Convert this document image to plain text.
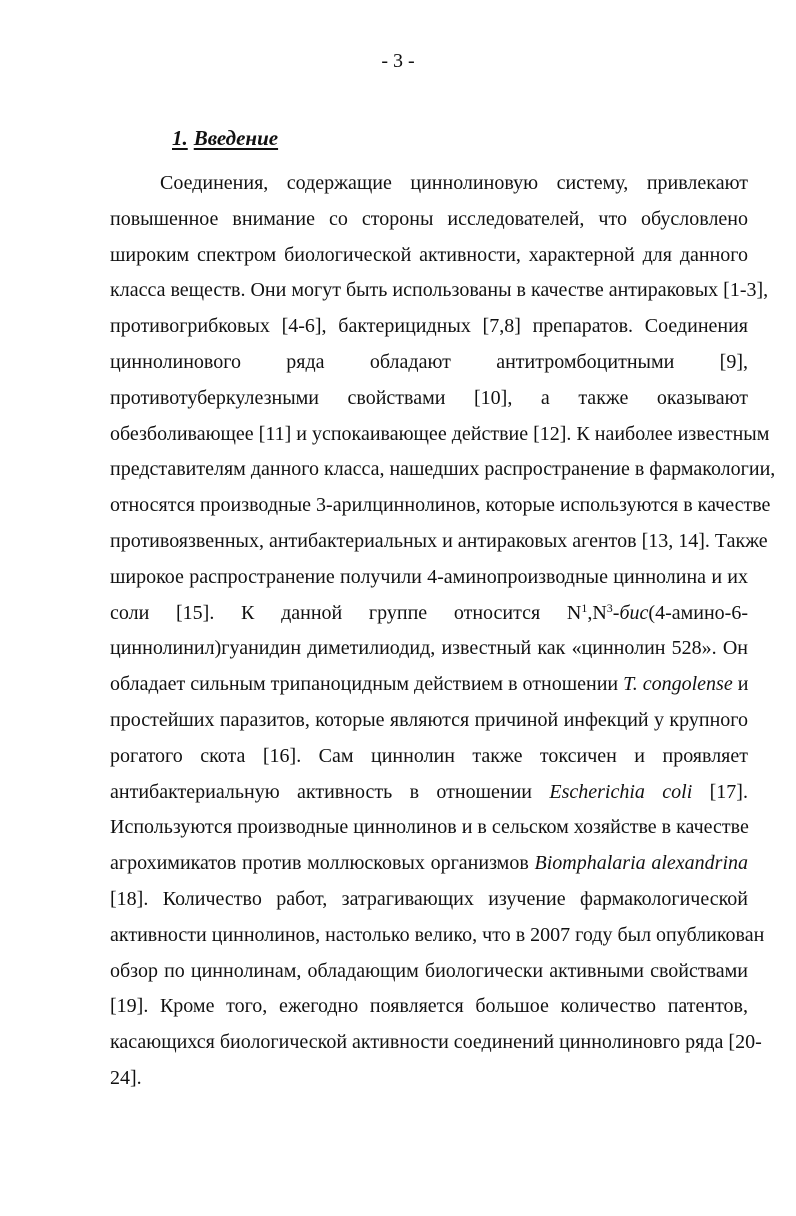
- 3 -
1. Введение
Соединения, содержащие циннолиновую систему, привлекают
повышенное внимание со стороны исследователей, что обусловлено
широким спектром биологической активности, характерной для данного
класса веществ. Они могут быть использованы в качестве антираковых [1-3],
противогрибковых [4-6], бактерицидных [7,8] препаратов. Соединения
циннолинового ряда обладают антитромбоцитными [9],
противотуберкулезными свойствами [10], а также оказывают
обезболивающее [11] и успокаивающее действие [12]. К наиболее известным
представителям данного класса, нашедших распространение в фармакологии,
относятся производные 3-арилциннолинов, которые используются в качестве
противоязвенных, антибактериальных и антираковых агентов [13, 14]. Также
широкое распространение получили 4-аминопроизводные циннолина и их
соли [15]. К данной группе относится $N^1,N^3-бис(4-амино-6-$
циннолинил)гуанидин диметилиодид, известный как «циннолин 528». Он
обладает сильным трипаноцидным действием в отношении T. congolense и
простейших паразитов, которые являются причиной инфекций у крупного
рогатого скота [16]. Сам циннолин также токсичен и проявляет
антибактериальную активность в отношении Escherichia coli [17].
Используются производные циннолинов и в сельском хозяйстве в качестве
агрохимикатов против моллюсковых организмов Biomphalaria alexandrina
[18]. Количество работ, затрагивающих изучение фармакологической
активности циннолинов, настолько велико, что в 2007 году был опубликован
обзор по циннолинам, обладающим биологически активными свойствами
[19]. Кроме того, ежегодно появляется большое количество патентов,
касающихся биологической активности соединений циннолиновго ряда [20-
24].
